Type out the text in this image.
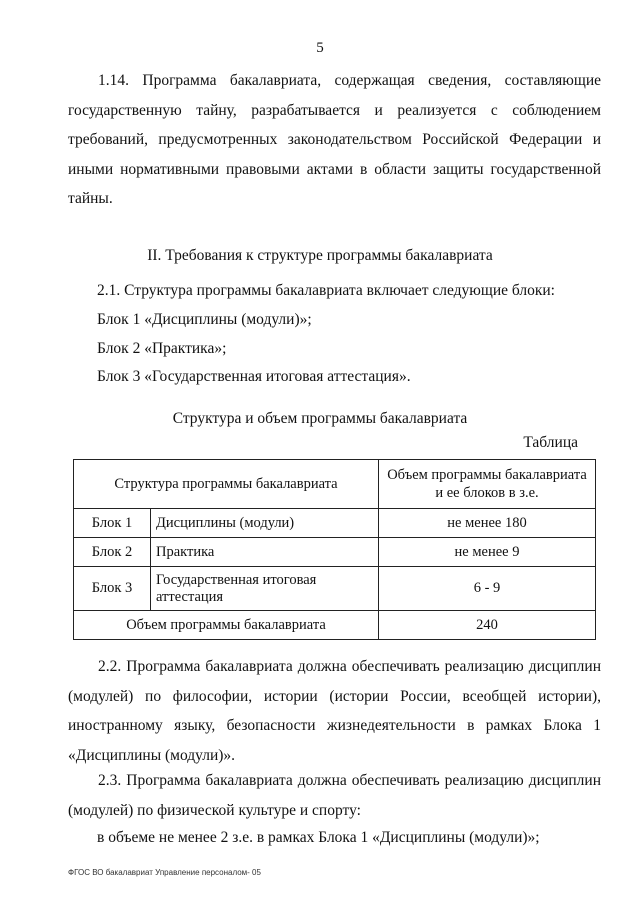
5

1.14. Программа бакалавриата, содержащая сведения, составляющие государственную тайну, разрабатывается и реализуется с соблюдением требований, предусмотренных законодательством Российской Федерации и иными нормативными правовыми актами в области защиты государственной тайны.

II. Требования к структуре программы бакалавриата

2.1. Структура программы бакалавриата включает следующие блоки:

Блок 1 «Дисциплины (модули)»;

Блок 2 «Практика»;

Блок 3 «Государственная итоговая аттестация».

Структура и объем программы бакалавриата

Таблица

Структура программы бакалавриата		Объем программы бакалавриата и ее блоков в з.е.
Блок 1	Дисциплины (модули)	не менее 180
Блок 2	Практика	не менее 9
Блок 3	Государственная итоговая аттестация	6 - 9
Объем программы бакалавриата		240

2.2. Программа бакалавриата должна обеспечивать реализацию дисциплин (модулей) по философии, истории (истории России, всеобщей истории), иностранному языку, безопасности жизнедеятельности в рамках Блока 1 «Дисциплины (модули)».

2.3. Программа бакалавриата должна обеспечивать реализацию дисциплин (модулей) по физической культуре и спорту:

в объеме не менее 2 з.е. в рамках Блока 1 «Дисциплины (модули)»;

ФГОС ВО бакалавриат Управление персоналом- 05
